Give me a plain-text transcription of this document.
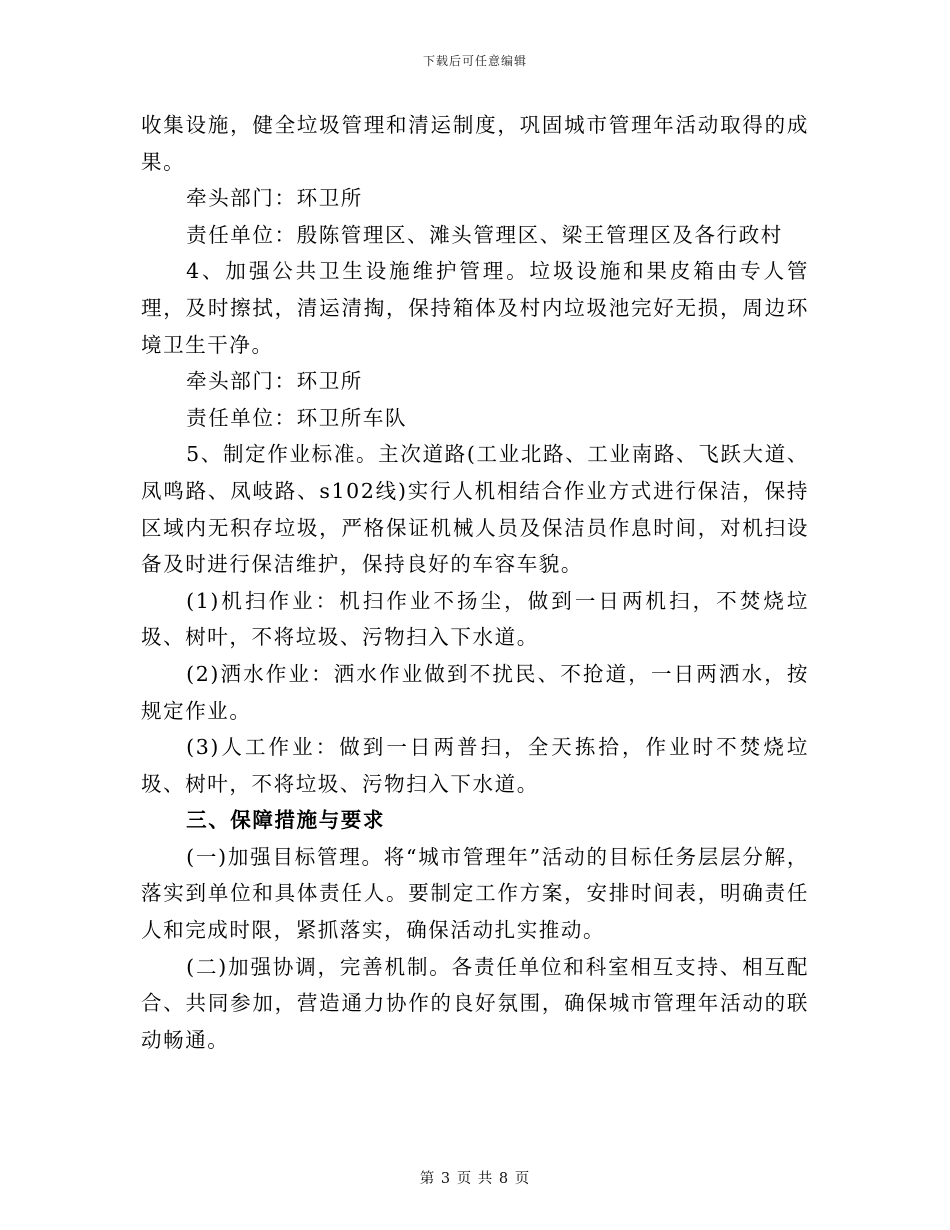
下载后可任意编辑

收集设施，健全垃圾管理和清运制度，巩固城市管理年活动取得的成果。

牵头部门：环卫所

责任单位：殷陈管理区、滩头管理区、梁王管理区及各行政村

4、加强公共卫生设施维护管理。垃圾设施和果皮箱由专人管理，及时擦拭，清运清掏，保持箱体及村内垃圾池完好无损，周边环境卫生干净。

牵头部门：环卫所

责任单位：环卫所车队

5、制定作业标准。主次道路(工业北路、工业南路、飞跃大道、凤鸣路、凤岐路、s102线)实行人机相结合作业方式进行保洁，保持区域内无积存垃圾，严格保证机械人员及保洁员作息时间，对机扫设备及时进行保洁维护，保持良好的车容车貌。

(1)机扫作业：机扫作业不扬尘，做到一日两机扫，不焚烧垃圾、树叶，不将垃圾、污物扫入下水道。

(2)洒水作业：洒水作业做到不扰民、不抢道，一日两洒水，按规定作业。

(3)人工作业：做到一日两普扫，全天拣拾，作业时不焚烧垃圾、树叶，不将垃圾、污物扫入下水道。

三、保障措施与要求

(一)加强目标管理。将“城市管理年”活动的目标任务层层分解，落实到单位和具体责任人。要制定工作方案，安排时间表，明确责任人和完成时限，紧抓落实，确保活动扎实推动。

(二)加强协调，完善机制。各责任单位和科室相互支持、相互配合、共同参加，营造通力协作的良好氛围，确保城市管理年活动的联动畅通。

第 3 页 共 8 页
